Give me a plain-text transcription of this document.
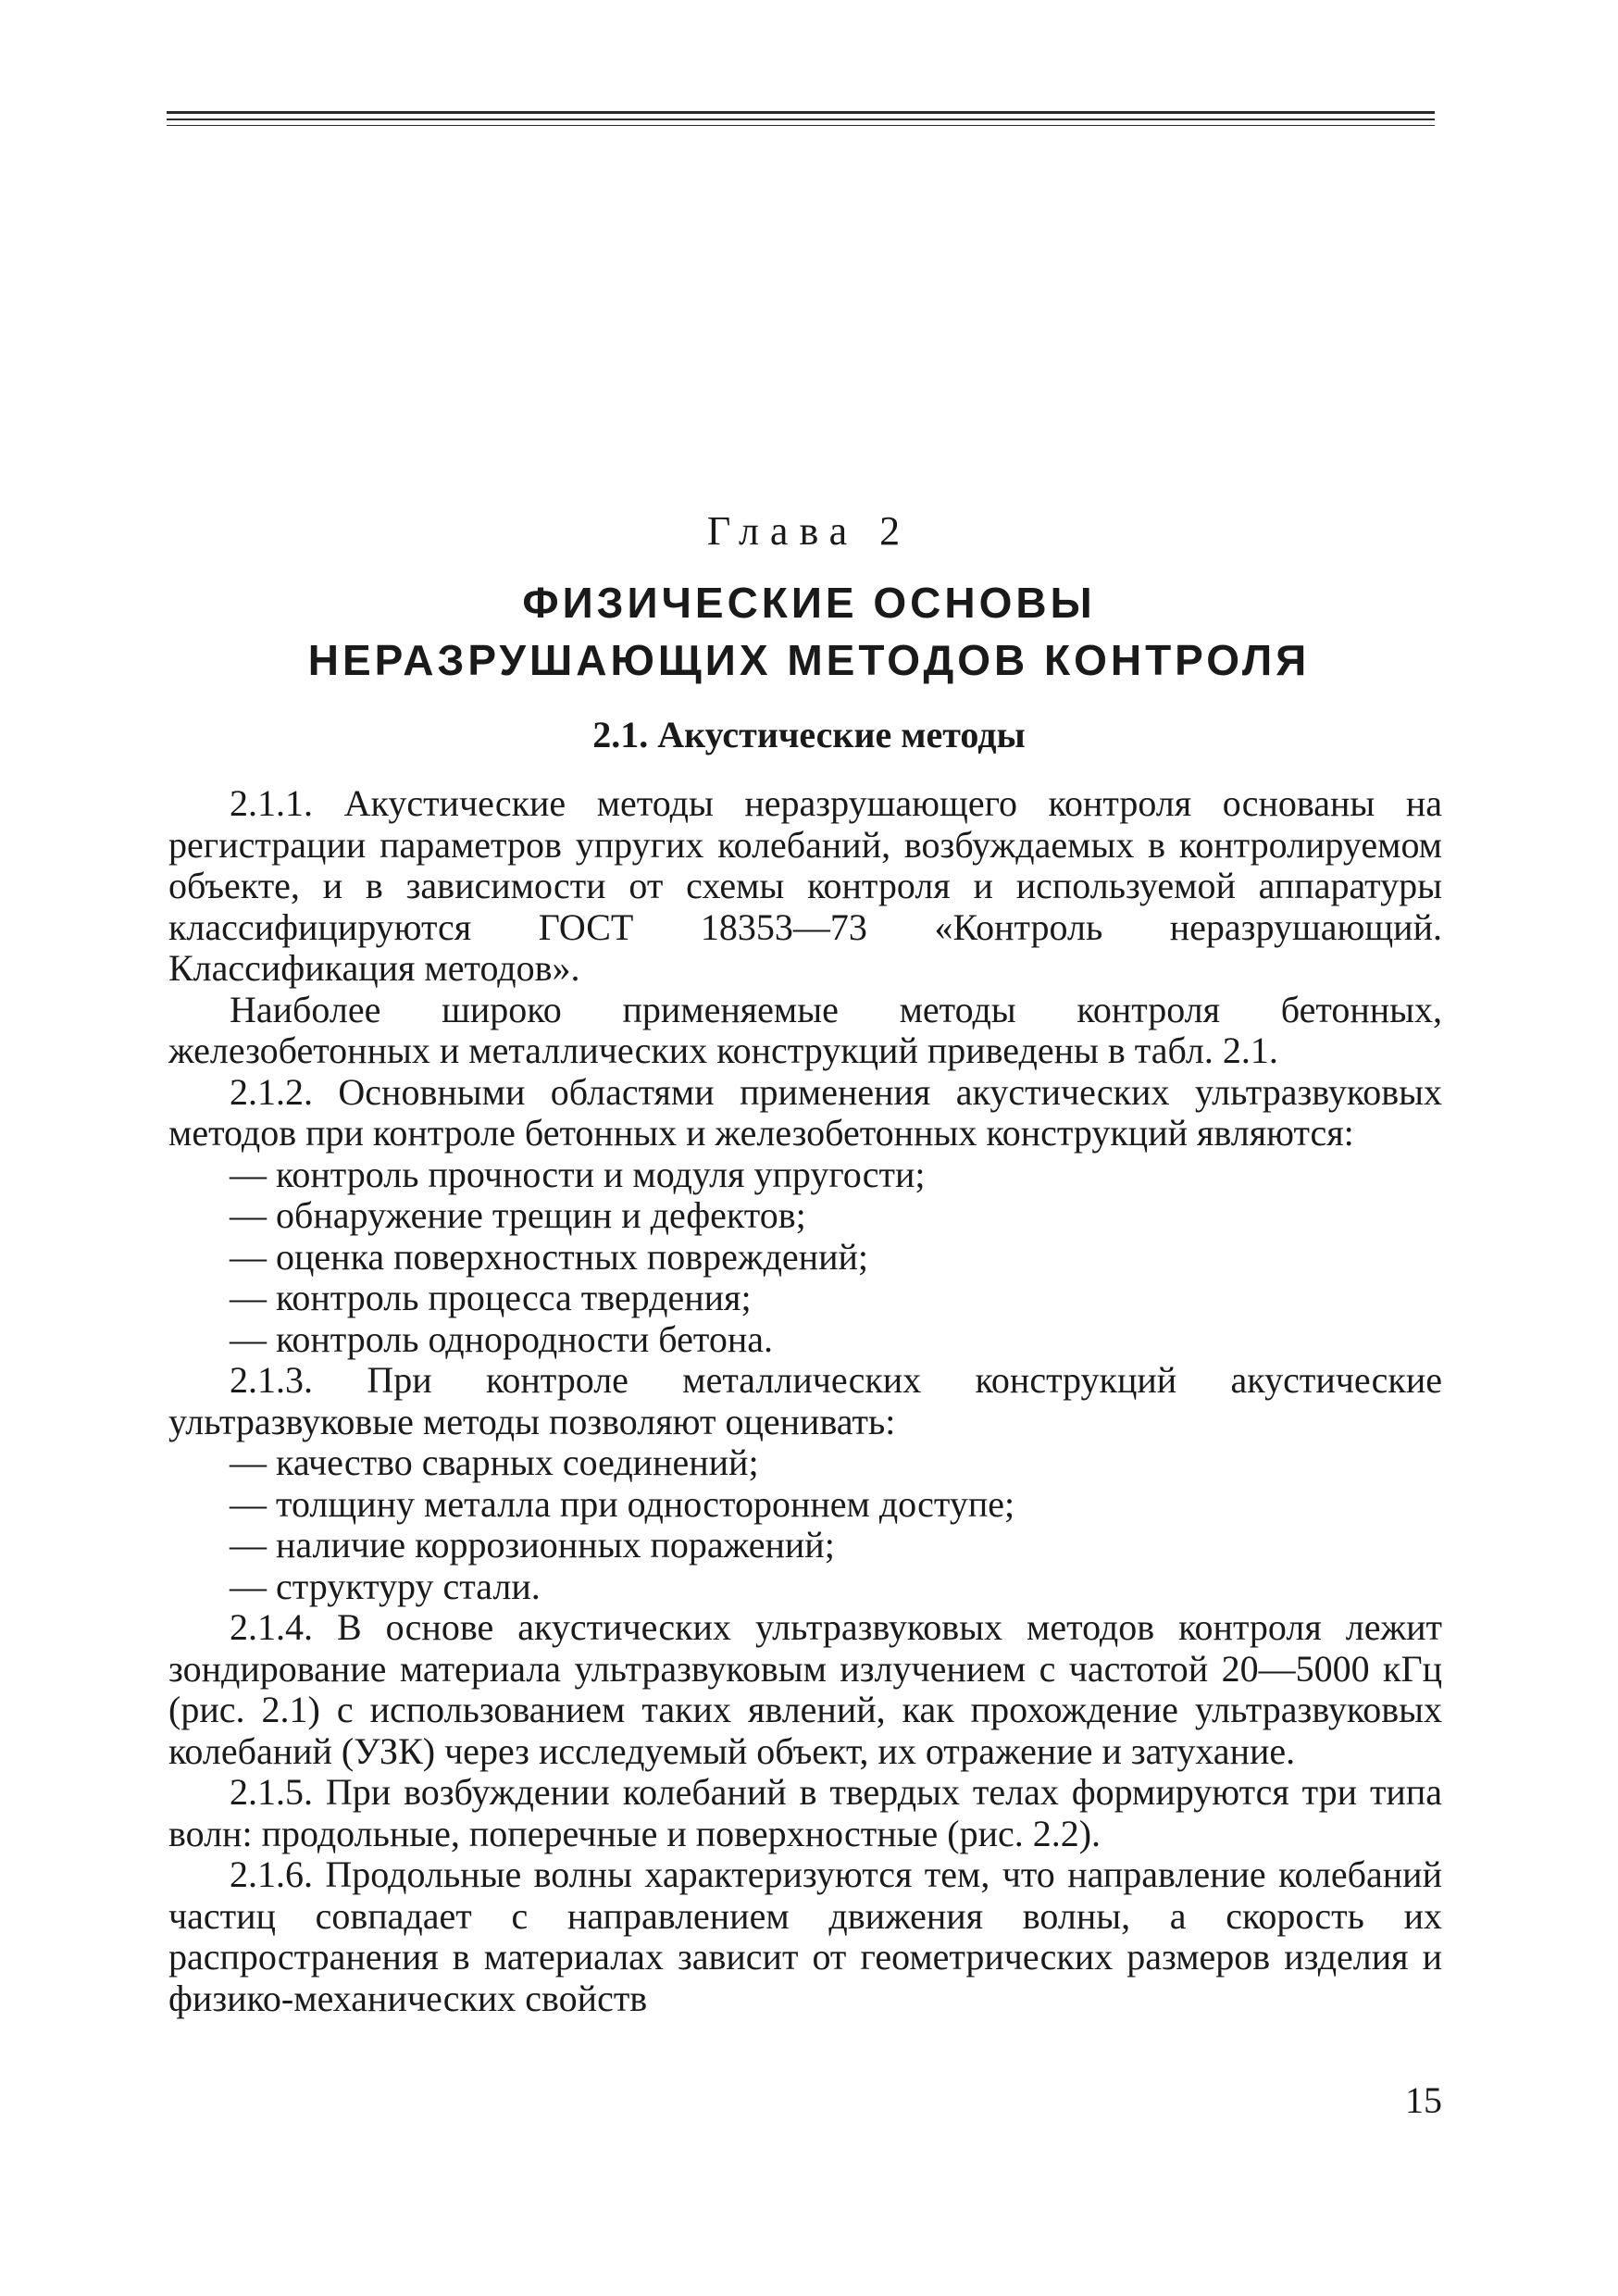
Глава 2
ФИЗИЧЕСКИЕ ОСНОВЫ
НЕРАЗРУШАЮЩИХ МЕТОДОВ КОНТРОЛЯ
2.1. Акустические методы

2.1.1. Акустические методы неразрушающего контроля основаны на регистрации параметров упругих колебаний, возбуждаемых в контролируемом объекте, и в зависимости от схемы контроля и используемой аппаратуры классифицируются ГОСТ 18353—73 «Контроль неразрушающий. Классификация методов».

Наиболее широко применяемые методы контроля бетонных, железобетонных и металлических конструкций приведены в табл. 2.1.

2.1.2. Основными областями применения акустических ультразвуковых методов при контроле бетонных и железобетонных конструкций являются:

— контроль прочности и модуля упругости;

— обнаружение трещин и дефектов;

— оценка поверхностных повреждений;

— контроль процесса твердения;

— контроль однородности бетона.

2.1.3. При контроле металлических конструкций акустические ультразвуковые методы позволяют оценивать:

— качество сварных соединений;

— толщину металла при одностороннем доступе;

— наличие коррозионных поражений;

— структуру стали.

2.1.4. В основе акустических ультразвуковых методов контроля лежит зондирование материала ультразвуковым излучением с частотой 20—5000 кГц (рис. 2.1) с использованием таких явлений, как прохождение ультразвуковых колебаний (УЗК) через исследуемый объект, их отражение и затухание.

2.1.5. При возбуждении колебаний в твердых телах формируются три типа волн: продольные, поперечные и поверхностные (рис. 2.2).

2.1.6. Продольные волны характеризуются тем, что направление колебаний частиц совпадает с направлением движения волны, а скорость их распространения в материалах зависит от геометрических размеров изделия и физико-механических свойств

15
